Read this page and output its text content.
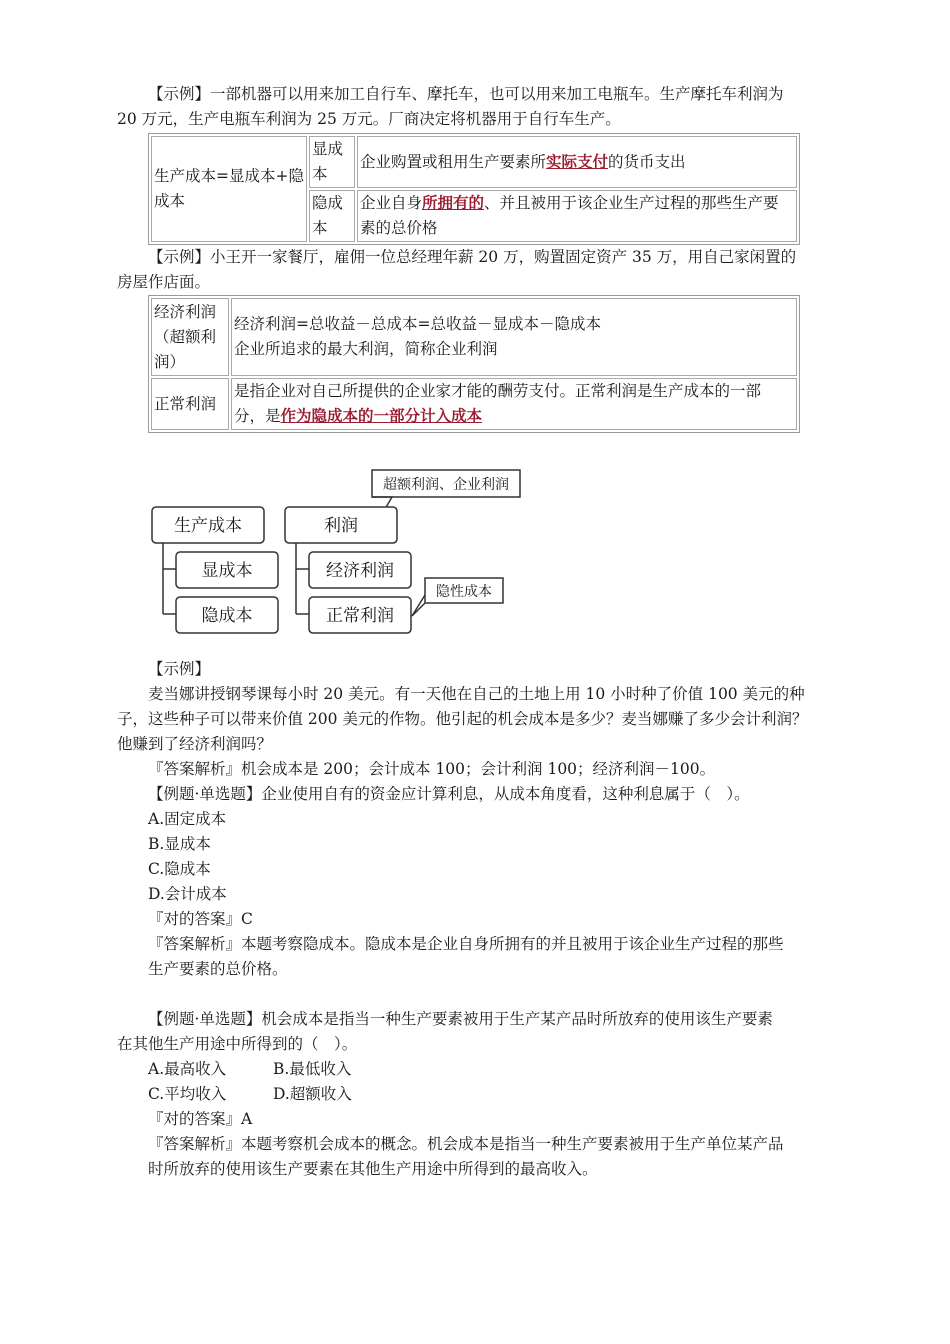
【示例】一部机器可以用来加工自行车、摩托车，也可以用来加工电瓶车。生产摩托车利润为
20 万元，生产电瓶车利润为 25 万元。厂商决定将机器用于自行车生产。
生产成本=显成本+隐成本	显成本	企业购置或租用生产要素所实际支付的货币支出
	隐成本	企业自身所拥有的、并且被用于该企业生产过程的那些生产要素的总价格
【示例】小王开一家餐厅，雇佣一位总经理年薪 20 万，购置固定资产 35 万，用自己家闲置的
房屋作店面。
经济利润（超额利润）	经济利润=总收益－总成本=总收益－显成本－隐成本
企业所追求的最大利润，简称企业利润

正常利润	是指企业对自己所提供的企业家才能的酬劳支付。正常利润是生产成本的一部
分，是作为隐成本的一部分计入成本
生产成本
显成本
隐成本
利润
经济利润
正常利润
超额利润、企业利润
隐性成本
【示例】
麦当娜讲授钢琴课每小时 20 美元。有一天他在自己的土地上用 10 小时种了价值 100 美元的种
子，这些种子可以带来价值 200 美元的作物。他引起的机会成本是多少？麦当娜赚了多少会计利润？
他赚到了经济利润吗？
『答案解析』机会成本是 200；会计成本 100；会计利润 100；经济利润－100。
【例题·单选题】企业使用自有的资金应计算利息，从成本角度看，这种利息属于（　）。
A.固定成本
B.显成本
C.隐成本
D.会计成本
『对的答案』C
『答案解析』本题考察隐成本。隐成本是企业自身所拥有的并且被用于该企业生产过程的那些
生产要素的总价格。
【例题·单选题】机会成本是指当一种生产要素被用于生产某产品时所放弃的使用该生产要素
在其他生产用途中所得到的（　）。
A.最高收入	B.最低收入
C.平均收入	D.超额收入
『对的答案』A
『答案解析』本题考察机会成本的概念。机会成本是指当一种生产要素被用于生产单位某产品
时所放弃的使用该生产要素在其他生产用途中所得到的最高收入。
